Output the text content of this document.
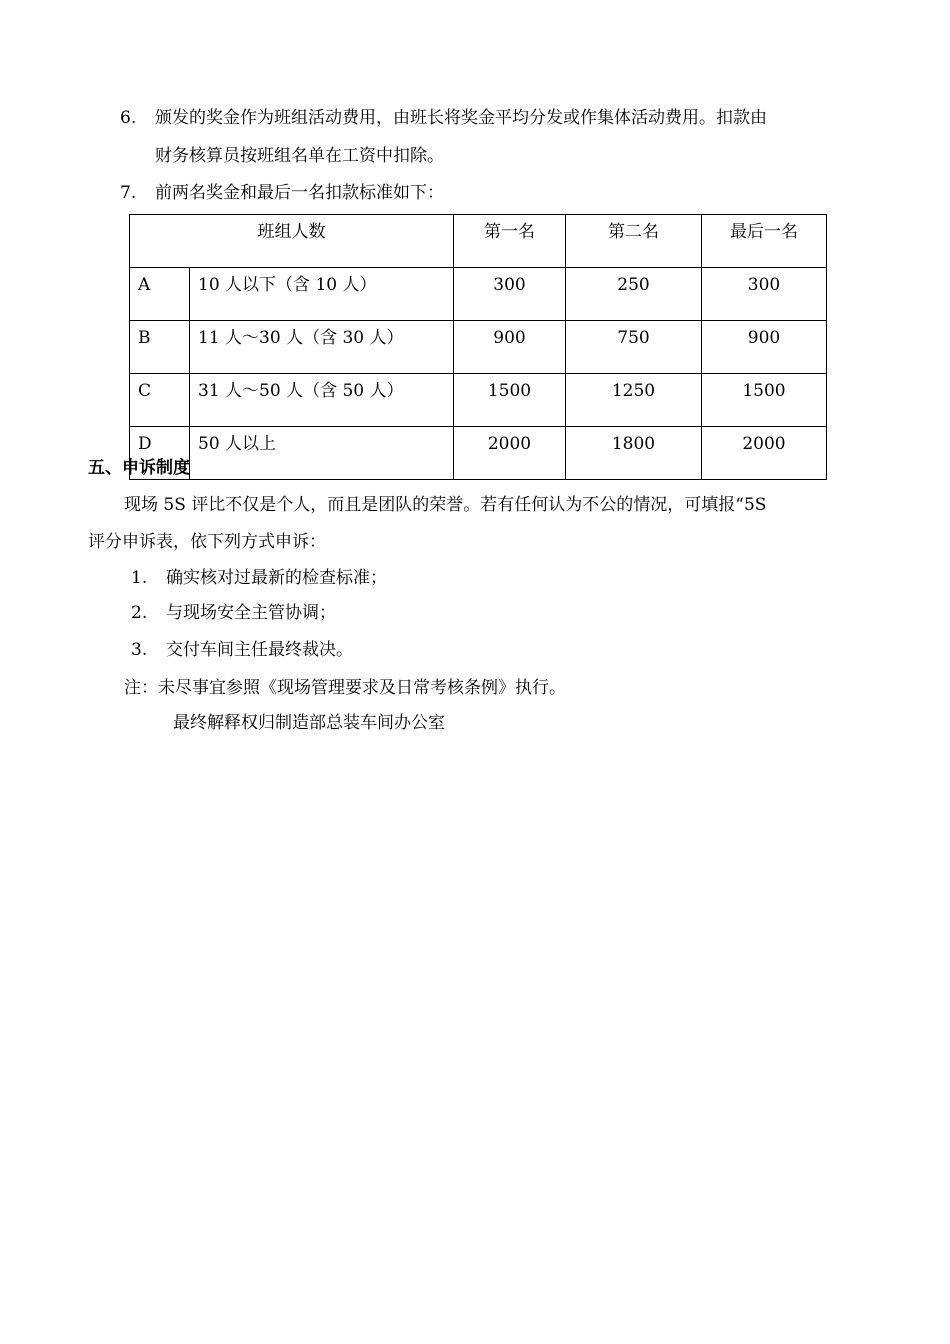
6. 颁发的奖金作为班组活动费用，由班长将奖金平均分发或作集体活动费用。扣款由
财务核算员按班组名单在工资中扣除。
7. 前两名奖金和最后一名扣款标准如下：
班组人数		第一名	第二名	最后一名
A	10 人以下（含 10 人）	300	250	300
B	11 人～30 人（含 30 人）	900	750	900
C	31 人～50 人（含 50 人）	1500	1250	1500
D	50 人以上	2000	1800	2000
五、申诉制度
现场 5S 评比不仅是个人，而且是团队的荣誉。若有任何认为不公的情况，可填报“5S
评分申诉表，依下列方式申诉：
1. 确实核对过最新的检查标准；
2. 与现场安全主管协调；
3. 交付车间主任最终裁决。
注：未尽事宜参照《现场管理要求及日常考核条例》执行。
最终解释权归制造部总装车间办公室
